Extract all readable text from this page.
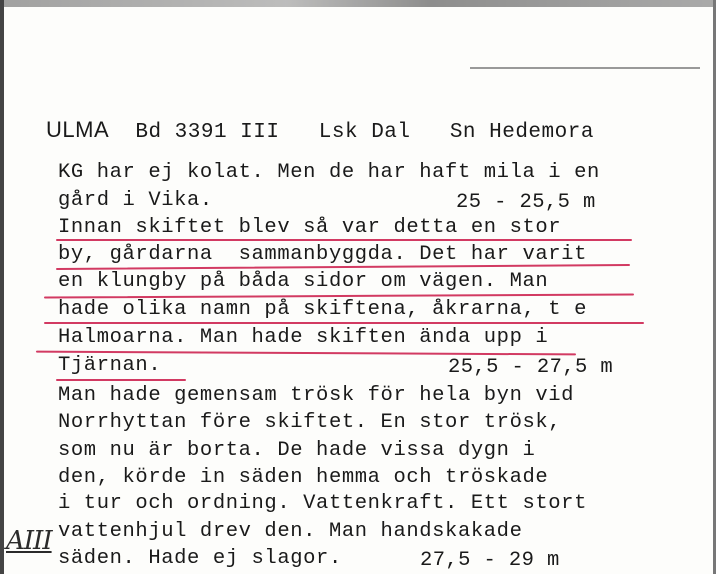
ULMA Bd 3391 III Lsk Dal Sn Hedemora
KG har ej kolat. Men de har haft mila i en
gård i Vika.	25 - 25,5 m
Innan skiftet blev så var detta en stor
by, gårdarna  sammanbyggda. Det har varit
en klungby på båda sidor om vägen. Man
hade olika namn på skiftena, åkrarna, t e
Halmoarna. Man hade skiften ända upp i
Tjärnan.	25,5 - 27,5 m
Man hade gemensam trösk för hela byn vid
Norrhyttan före skiftet. En stor trösk,
som nu är borta. De hade vissa dygn i
den, körde in säden hemma och tröskade
i tur och ordning. Vattenkraft. Ett stort
vattenhjul drev den. Man handskakade
säden. Hade ej slagor.	27,5 - 29 m
AIII
